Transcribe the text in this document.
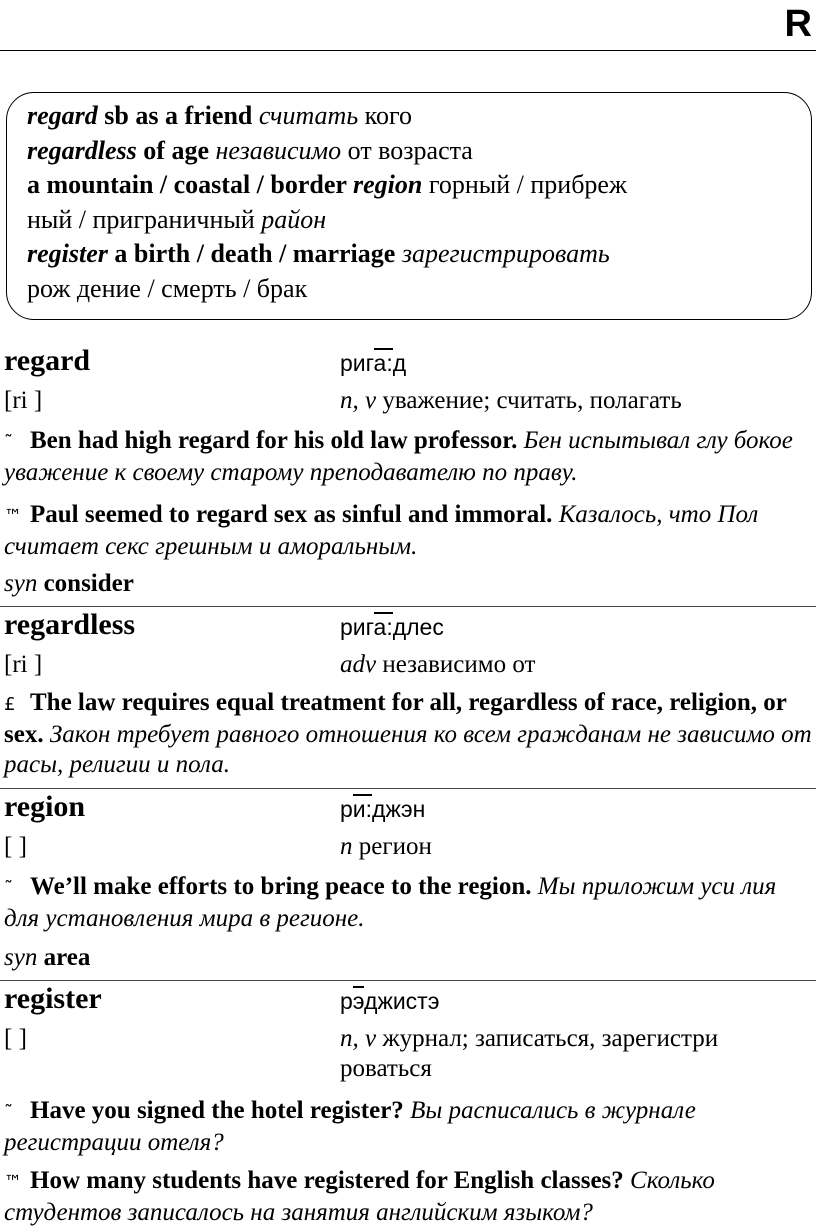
R
regard sb as a friend считать кого
regardless of age независимо от возраста
a mountain / coastal / border region горный / прибреж
ный / приграничный район
register a birth / death / marriage зарегистрировать
рож дение / смерть / брак
regard	рига:д
[ri ]	n, v уважение; считать, полагать
˜ Ben had high regard for his old law professor. Бен испытывал глу бокое уважение к своему старому преподавателю по праву.
™ Paul seemed to regard sex as sinful and immoral. Казалось, что Пол считает секс грешным и аморальным.
syn consider
regardless	рига:длес
[ri ]	adv независимо от
£ The law requires equal treatment for all, regardless of race, religion, or sex. Закон требует равного отношения ко всем гражданам не зависимо от расы, религии и пола.
region	ри:джэн
[ ]	n регион
˜ We’ll make efforts to bring peace to the region. Мы приложим уси лия для установления мира в регионе.
syn area
register	рэджистэ
[ ]	n, v журнал; записаться, зарегистри роваться
˜ Have you signed the hotel register? Вы расписались в журнале регистрации отеля?
™ How many students have registered for English classes? Сколько студентов записалось на занятия английским языком?
